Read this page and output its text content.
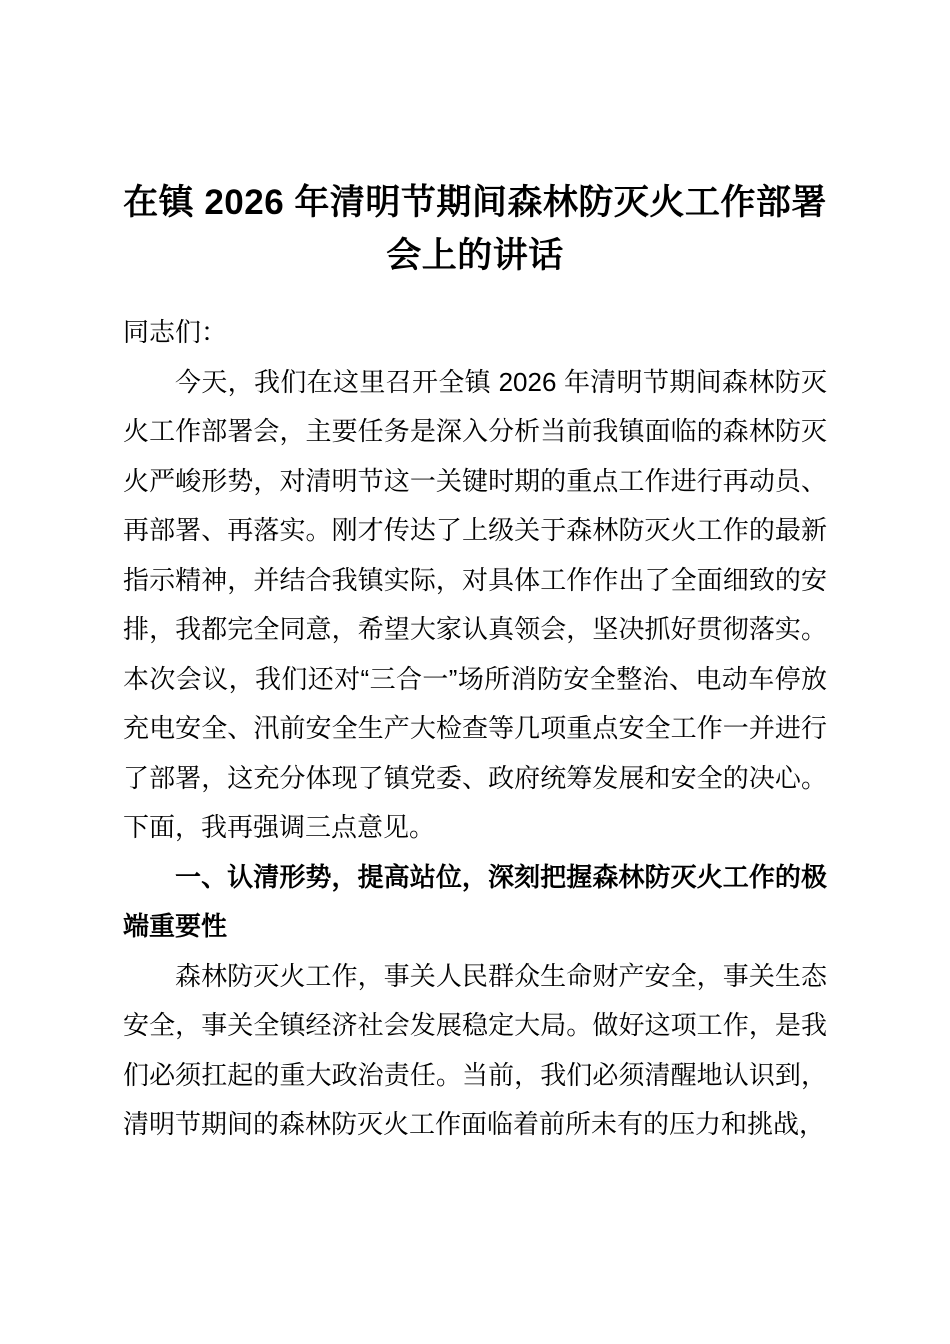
在镇 2026 年清明节期间森林防灭火工作部署会上的讲话

同志们：

今天，我们在这里召开全镇 2026 年清明节期间森林防灭火工作部署会，主要任务是深入分析当前我镇面临的森林防灭火严峻形势，对清明节这一关键时期的重点工作进行再动员、再部署、再落实。刚才传达了上级关于森林防灭火工作的最新指示精神，并结合我镇实际，对具体工作作出了全面细致的安排，我都完全同意，希望大家认真领会，坚决抓好贯彻落实。本次会议，我们还对“三合一”场所消防安全整治、电动车停放充电安全、汛前安全生产大检查等几项重点安全工作一并进行了部署，这充分体现了镇党委、政府统筹发展和安全的决心。下面，我再强调三点意见。

一、认清形势，提高站位，深刻把握森林防灭火工作的极端重要性

森林防灭火工作，事关人民群众生命财产安全，事关生态安全，事关全镇经济社会发展稳定大局。做好这项工作，是我们必须扛起的重大政治责任。当前，我们必须清醒地认识到，清明节期间的森林防灭火工作面临着前所未有的压力和挑战，
